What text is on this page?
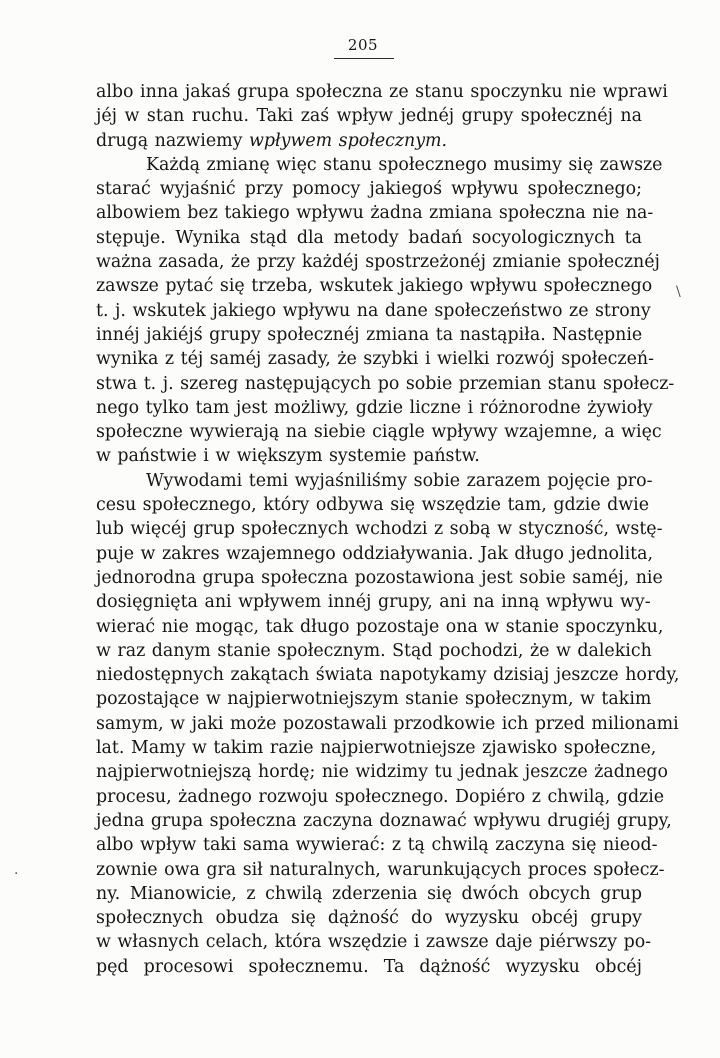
205
\
·
albo inna jakaś grupa społeczna ze stanu spoczynku nie wprawi
jéj w stan ruchu. Taki zaś wpływ jednéj grupy społecznéj na
drugą nazwiemy wpływem społecznym.
Każdą zmianę więc stanu społecznego musimy się zawsze
starać wyjaśnić przy pomocy jakiegoś wpływu społecznego;
albowiem bez takiego wpływu żadna zmiana społeczna nie na-
stępuje. Wynika stąd dla metody badań socyologicznych ta
ważna zasada, że przy każdéj spostrzeżonéj zmianie społecznéj
zawsze pytać się trzeba, wskutek jakiego wpływu społecznego
t. j. wskutek jakiego wpływu na dane społeczeństwo ze strony
innéj jakiéjś grupy społecznéj zmiana ta nastąpiła. Następnie
wynika z téj saméj zasady, że szybki i wielki rozwój społeczeń-
stwa t. j. szereg następujących po sobie przemian stanu społecz-
nego tylko tam jest możliwy, gdzie liczne i różnorodne żywioły
społeczne wywierają na siebie ciągle wpływy wzajemne, a więc
w państwie i w większym systemie państw.
Wywodami temi wyjaśniliśmy sobie zarazem pojęcie pro-
cesu społecznego, który odbywa się wszędzie tam, gdzie dwie
lub więcéj grup społecznych wchodzi z sobą w styczność, wstę-
puje w zakres wzajemnego oddziaływania. Jak długo jednolita,
jednorodna grupa społeczna pozostawiona jest sobie saméj, nie
dosięgnięta ani wpływem innéj grupy, ani na inną wpływu wy-
wierać nie mogąc, tak długo pozostaje ona w stanie spoczynku,
w raz danym stanie społecznym. Stąd pochodzi, że w dalekich
niedostępnych zakątach świata napotykamy dzisiaj jeszcze hordy,
pozostające w najpierwotniejszym stanie społecznym, w takim
samym, w jaki może pozostawali przodkowie ich przed milionami
lat. Mamy w takim razie najpierwotniejsze zjawisko społeczne,
najpierwotniejszą hordę; nie widzimy tu jednak jeszcze żadnego
procesu, żadnego rozwoju społecznego. Dopiéro z chwilą, gdzie
jedna grupa społeczna zaczyna doznawać wpływu drugiéj grupy,
albo wpływ taki sama wywierać: z tą chwilą zaczyna się nieod-
zownie owa gra sił naturalnych, warunkujących proces społecz-
ny. Mianowicie, z chwilą zderzenia się dwóch obcych grup
społecznych obudza się dążność do wyzysku obcéj grupy
w własnych celach, która wszędzie i zawsze daje piérwszy po-
pęd procesowi społecznemu. Ta dążność wyzysku obcéj
